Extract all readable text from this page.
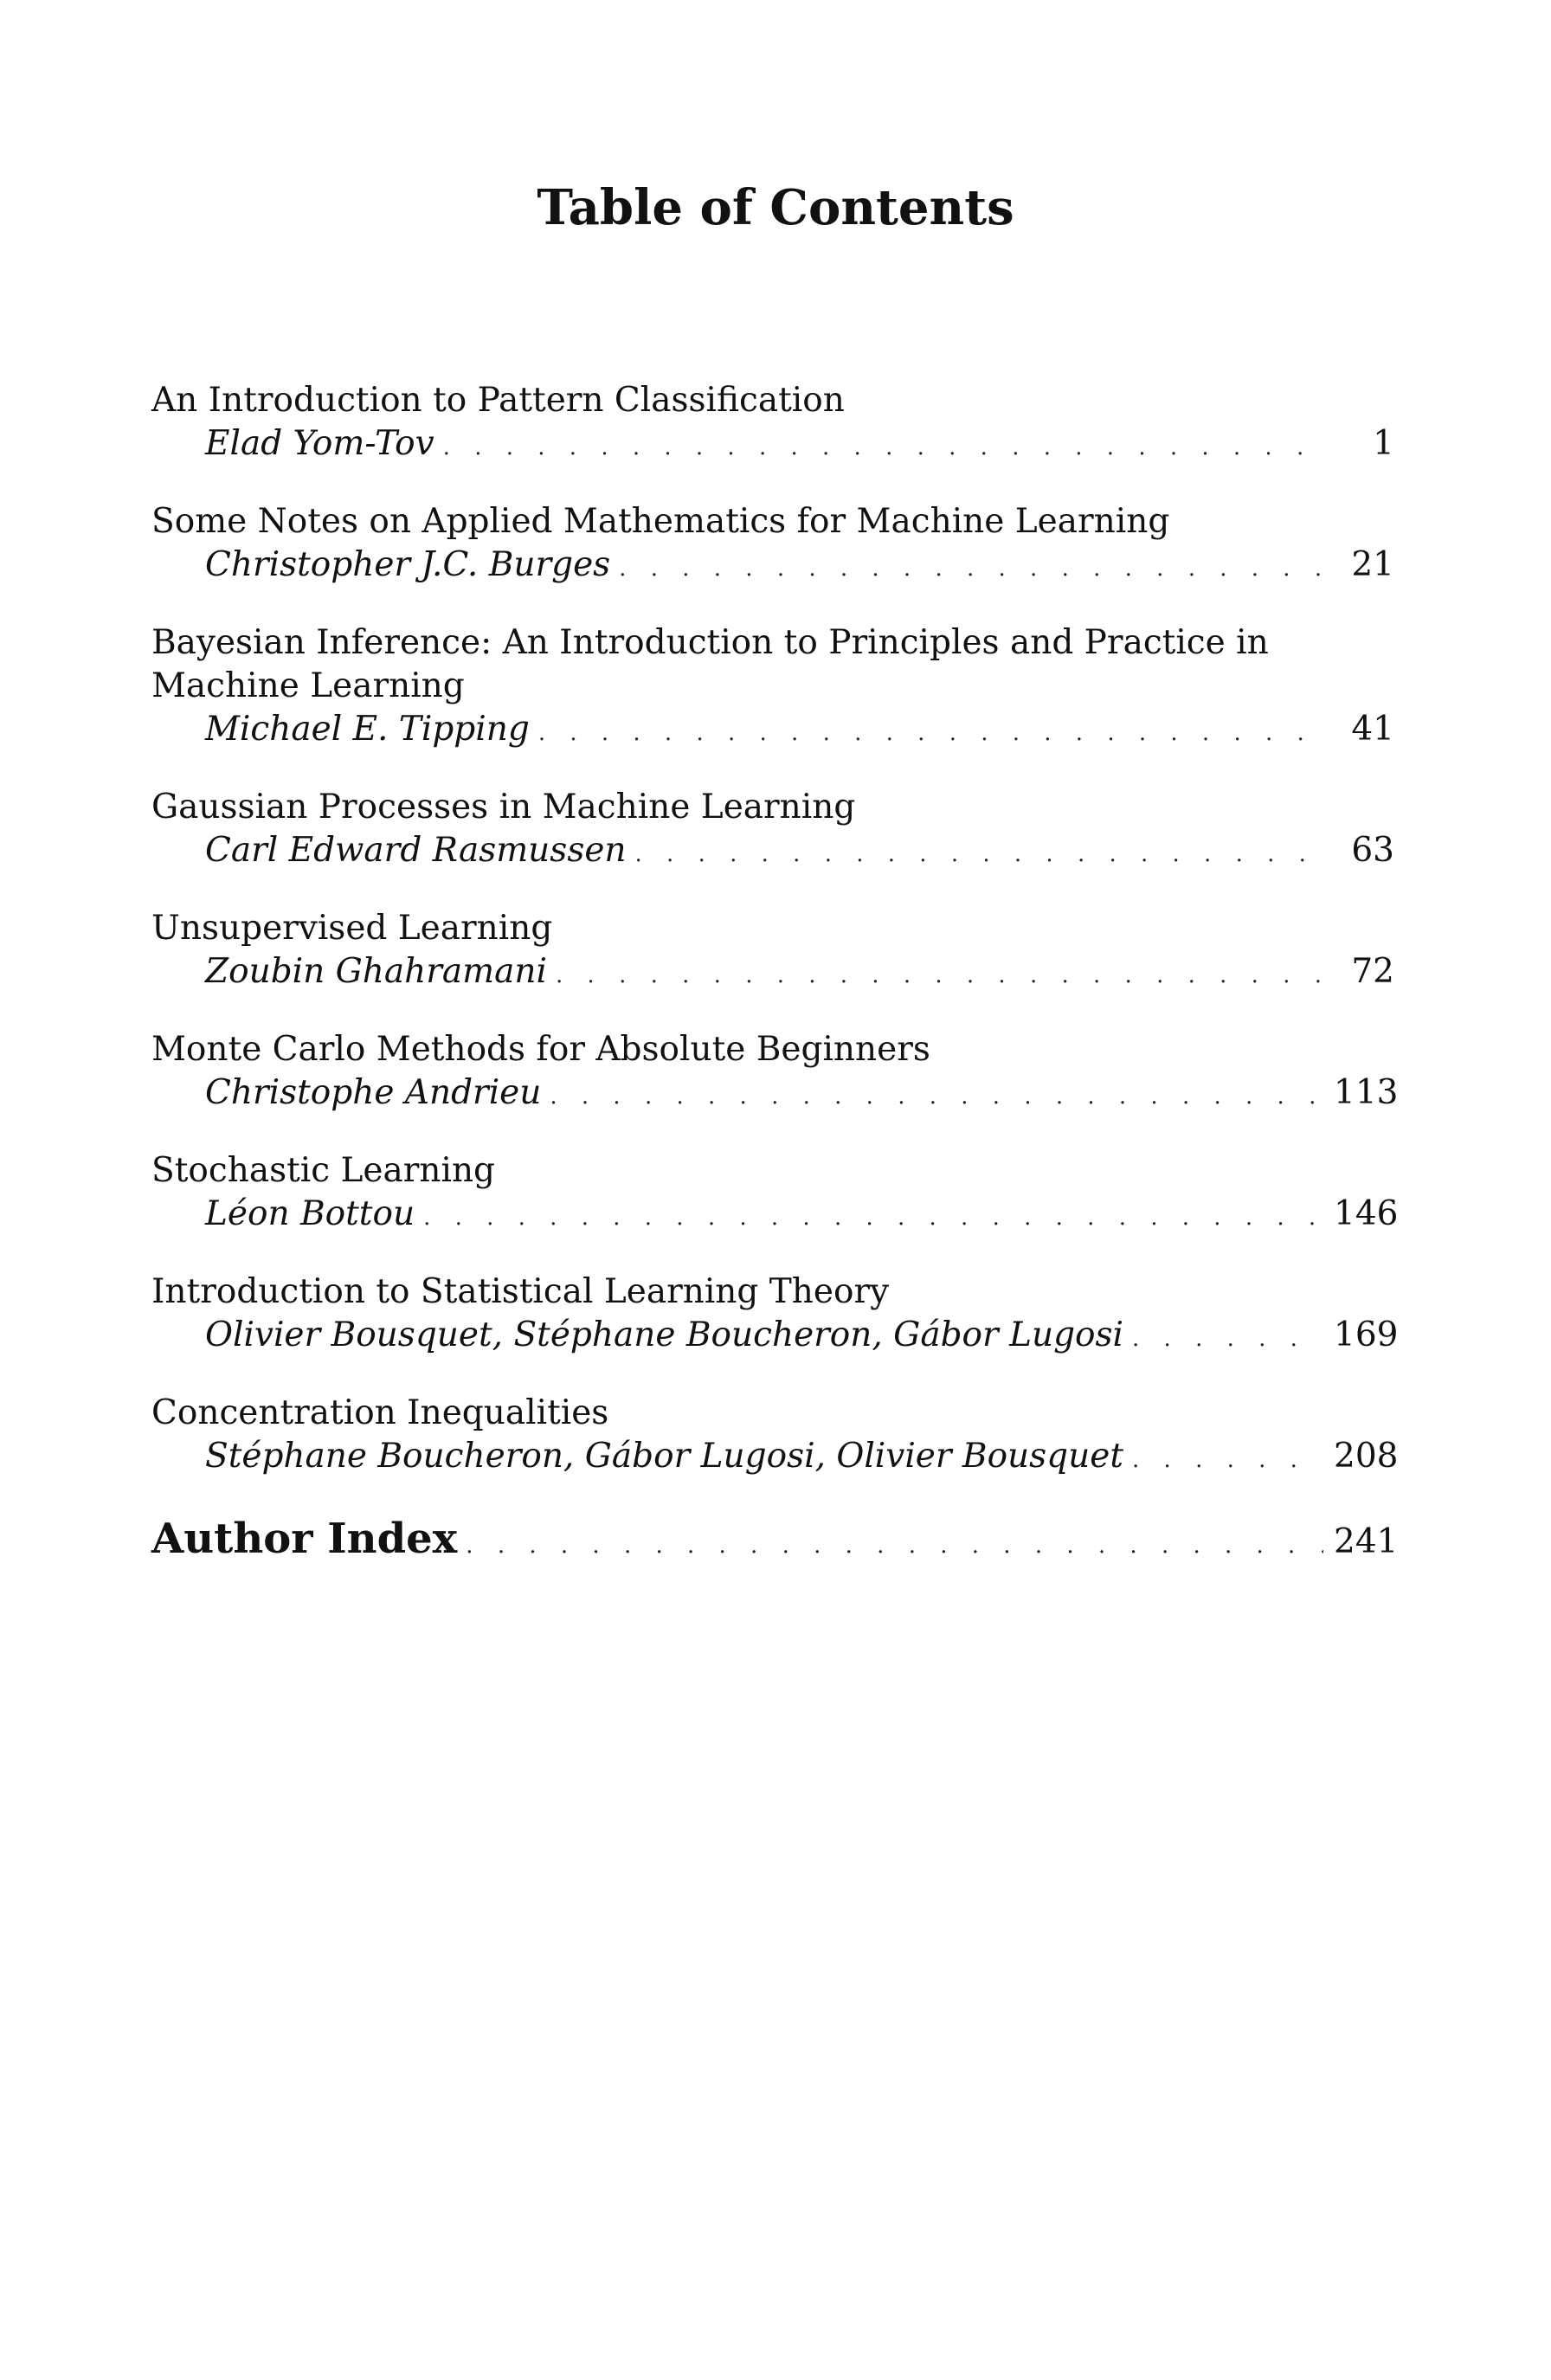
Table of Contents
An Introduction to Pattern Classification
Elad Yom-Tov . . .	1
Some Notes on Applied Mathematics for Machine Learning
Christopher J.C. Burges . . .	21
Bayesian Inference: An Introduction to Principles and Practice in
Machine Learning
Michael E. Tipping . . .	41
Gaussian Processes in Machine Learning
Carl Edward Rasmussen . . .	63
Unsupervised Learning
Zoubin Ghahramani . . .	72
Monte Carlo Methods for Absolute Beginners
Christophe Andrieu . . .	113
Stochastic Learning
Léon Bottou . . .	146
Introduction to Statistical Learning Theory
Olivier Bousquet, Stéphane Boucheron, Gábor Lugosi . . .	169
Concentration Inequalities
Stéphane Boucheron, Gábor Lugosi, Olivier Bousquet . . .	208
Author Index . . .	241
